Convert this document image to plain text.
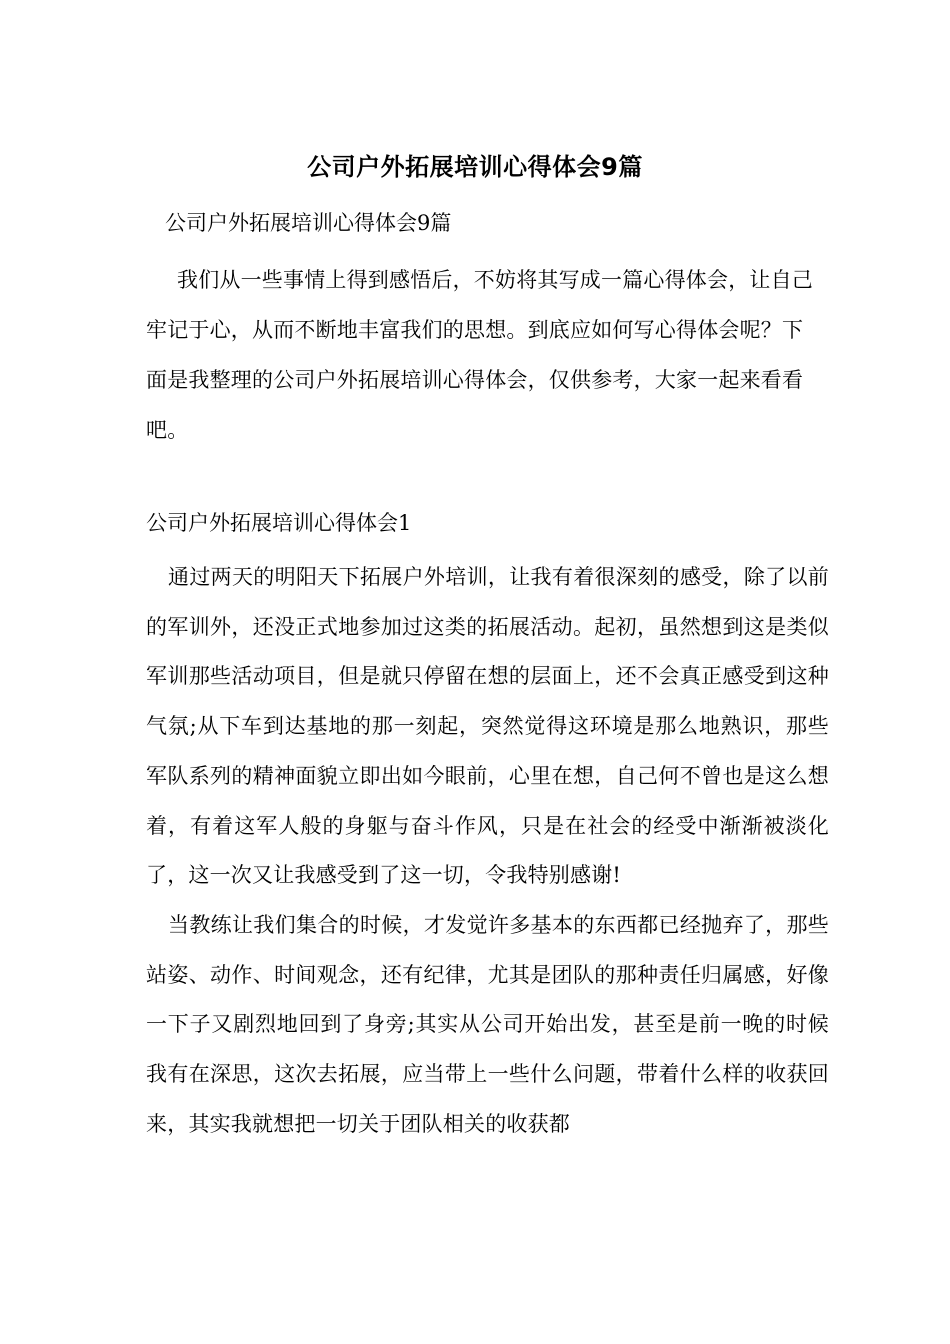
公司户外拓展培训心得体会9篇
公司户外拓展培训心得体会9篇
我们从一些事情上得到感悟后，不妨将其写成一篇心得体会，让自己牢记于心，从而不断地丰富我们的思想。到底应如何写心得体会呢？下面是我整理的公司户外拓展培训心得体会，仅供参考，大家一起来看看吧。
公司户外拓展培训心得体会1

通过两天的明阳天下拓展户外培训，让我有着很深刻的感受，除了以前的军训外，还没正式地参加过这类的拓展活动。起初，虽然想到这是类似军训那些活动项目，但是就只停留在想的层面上，还不会真正感受到这种气氛;从下车到达基地的那一刻起，突然觉得这环境是那么地熟识，那些军队系列的精神面貌立即出如今眼前，心里在想，自己何不曾也是这么想着，有着这军人般的身躯与奋斗作风，只是在社会的经受中渐渐被淡化了，这一次又让我感受到了这一切，令我特别感谢!

当教练让我们集合的时候，才发觉许多基本的东西都已经抛弃了，那些站姿、动作、时间观念，还有纪律，尤其是团队的那种责任归属感，好像一下子又剧烈地回到了身旁;其实从公司开始出发，甚至是前一晚的时候我有在深思，这次去拓展，应当带上一些什么问题，带着什么样的收获回来，其实我就想把一切关于团队相关的收获都
